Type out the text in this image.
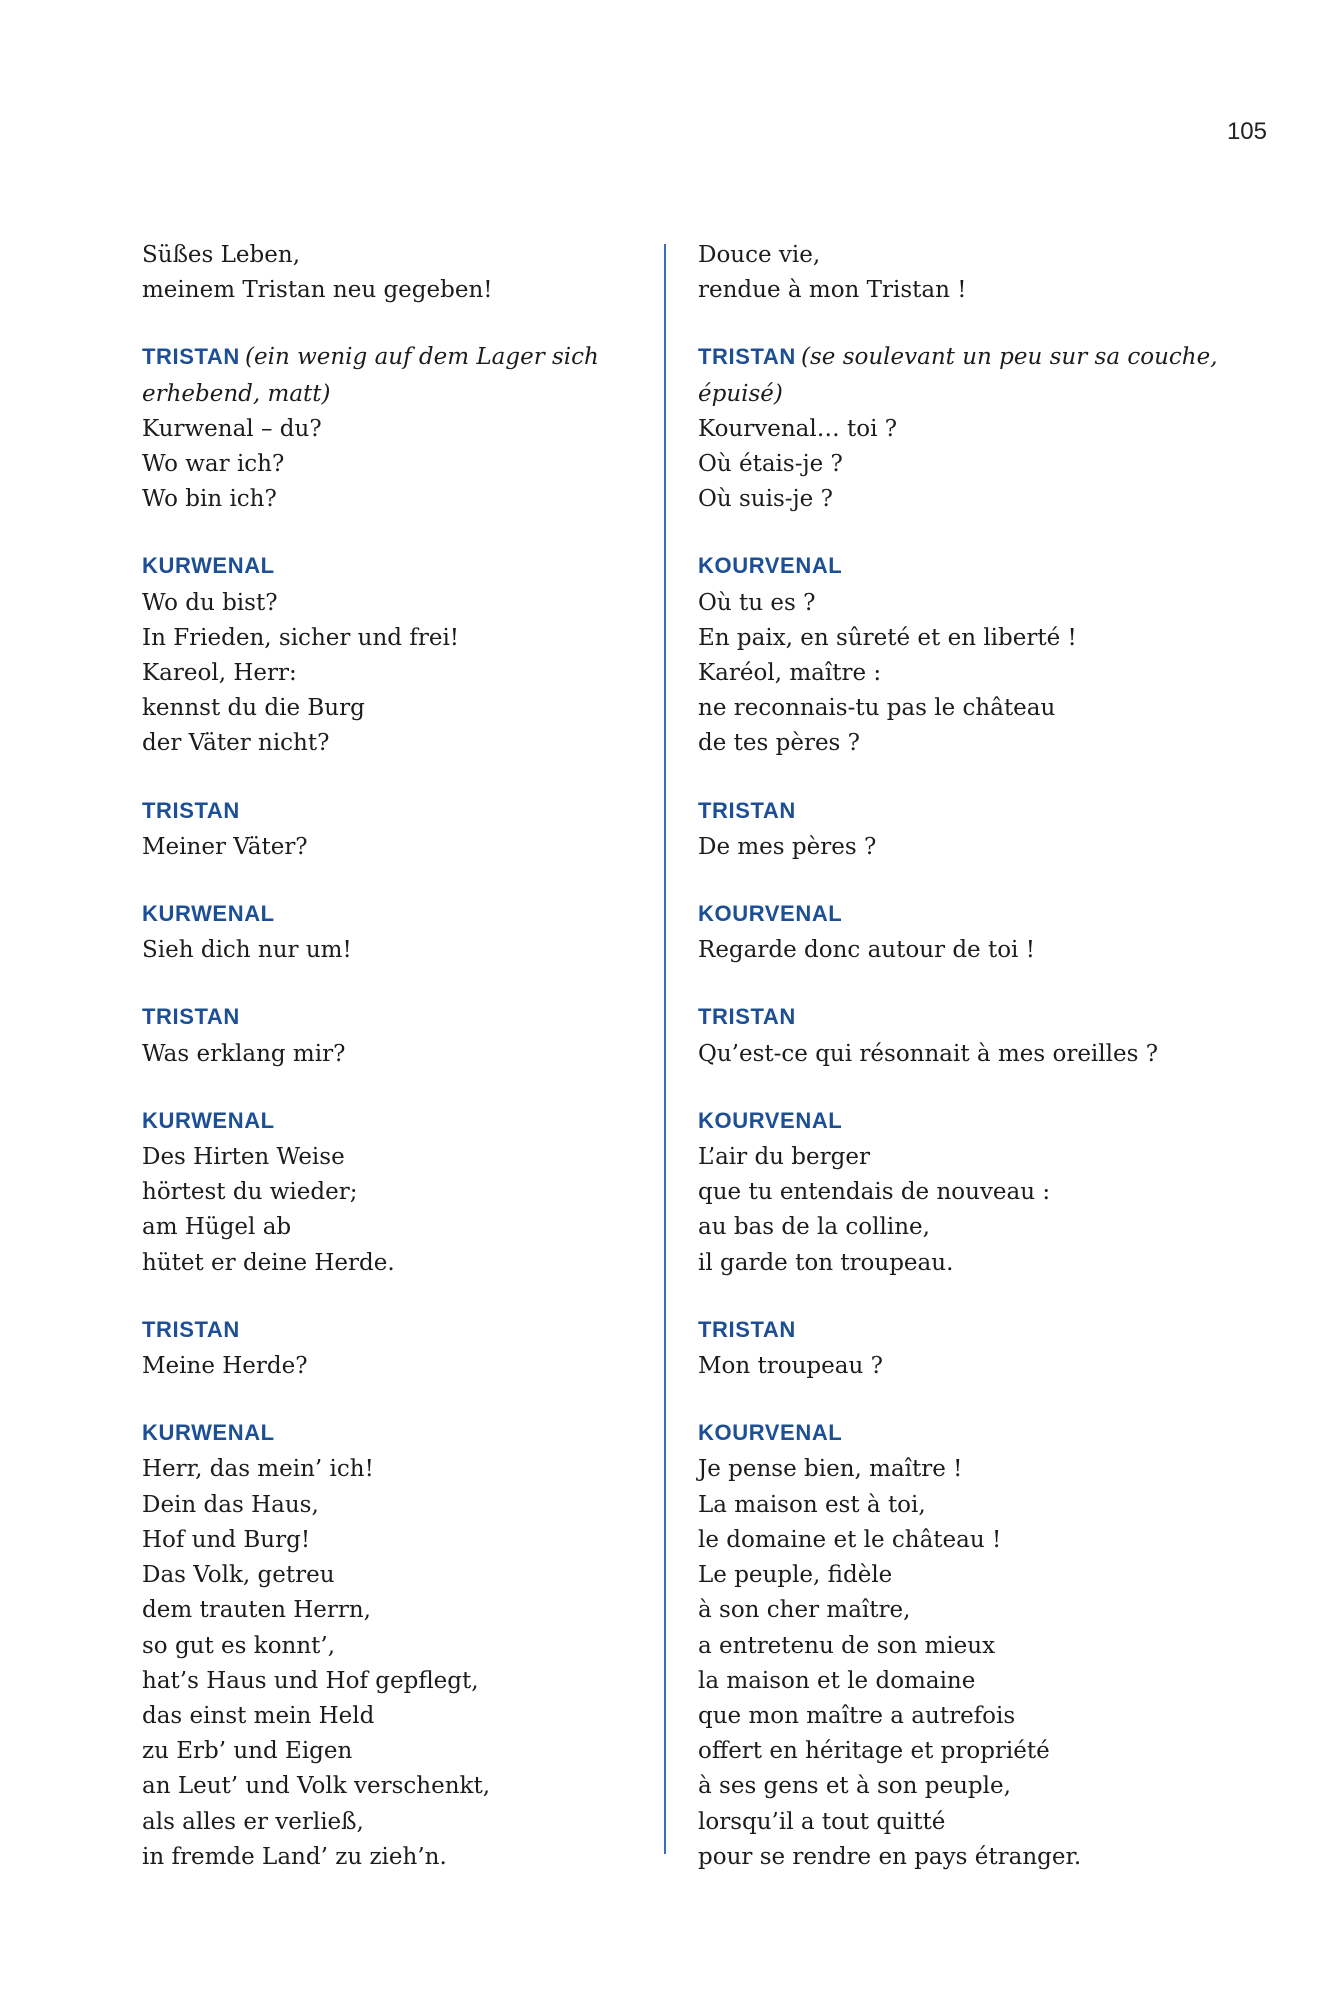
105
Süßes Leben,
meinem Tristan neu gegeben!
TRISTAN (ein wenig auf dem Lager sich
erhebend, matt)
Kurwenal – du?
Wo war ich?
Wo bin ich?
KURWENAL
Wo du bist?
In Frieden, sicher und frei!
Kareol, Herr:
kennst du die Burg
der Väter nicht?
TRISTAN
Meiner Väter?
KURWENAL
Sieh dich nur um!
TRISTAN
Was erklang mir?
KURWENAL
Des Hirten Weise
hörtest du wieder;
am Hügel ab
hütet er deine Herde.
TRISTAN
Meine Herde?
KURWENAL
Herr, das mein’ ich!
Dein das Haus,
Hof und Burg!
Das Volk, getreu
dem trauten Herrn,
so gut es konnt’,
hat’s Haus und Hof gepflegt,
das einst mein Held
zu Erb’ und Eigen
an Leut’ und Volk verschenkt,
als alles er verließ,
in fremde Land’ zu zieh’n.
Douce vie,
rendue à mon Tristan !
TRISTAN (se soulevant un peu sur sa couche,
épuisé)
Kourvenal… toi ?
Où étais-je ?
Où suis-je ?
KOURVENAL
Où tu es ?
En paix, en sûreté et en liberté !
Karéol, maître :
ne reconnais-tu pas le château
de tes pères ?
TRISTAN
De mes pères ?
KOURVENAL
Regarde donc autour de toi !
TRISTAN
Qu’est-ce qui résonnait à mes oreilles ?
KOURVENAL
L’air du berger
que tu entendais de nouveau :
au bas de la colline,
il garde ton troupeau.
TRISTAN
Mon troupeau ?
KOURVENAL
Je pense bien, maître !
La maison est à toi,
le domaine et le château !
Le peuple, fidèle
à son cher maître,
a entretenu de son mieux
la maison et le domaine
que mon maître a autrefois
offert en héritage et propriété
à ses gens et à son peuple,
lorsqu’il a tout quitté
pour se rendre en pays étranger.
